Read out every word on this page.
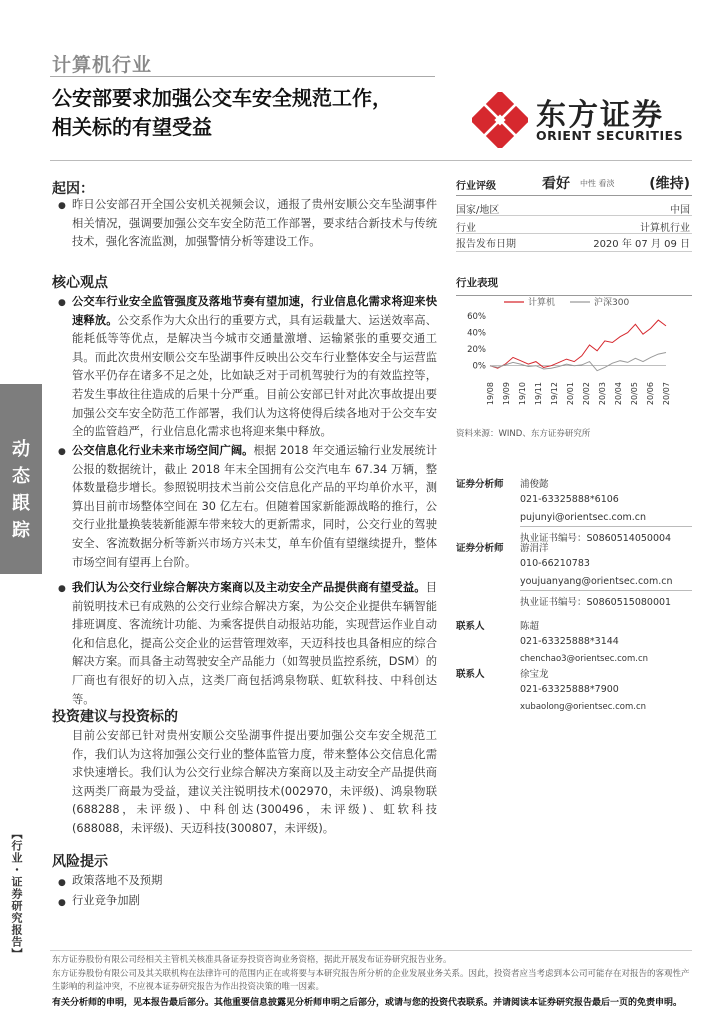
计算机行业
公安部要求加强公交车安全规范工作，
相关标的有望受益	东方证券
ORIENT SECURITIES
动态跟踪
【行业・证券研究报告】
起因：
● 昨日公安部召开全国公安机关视频会议，通报了贵州安顺公交车坠湖事件相关情况，强调要加强公交车安全防范工作部署，要求结合新技术与传统技术，强化客流监测，加强警情分析等建设工作。
核心观点
● 公交车行业安全监管强度及落地节奏有望加速，行业信息化需求将迎来快速释放。公交系作为大众出行的重要方式，具有运载量大、运送效率高、能耗低等等优点，是解决当今城市交通量激增、运输紧张的重要交通工具。而此次贵州安顺公交车坠湖事件反映出公交车行业整体安全与运营监管水平仍存在诸多不足之处，比如缺乏对于司机驾驶行为的有效监控等，若发生事故往往造成的后果十分严重。目前公安部已针对此次事故提出要加强公交车安全防范工作部署，我们认为这将使得后续各地对于公交车安全的监管趋严，行业信息化需求也将迎来集中释放。
● 公交信息化行业未来市场空间广阔。根据 2018 年交通运输行业发展统计公报的数据统计，截止 2018 年末全国拥有公交汽电车 67.34 万辆，整体数量稳步增长。参照锐明技术当前公交信息化产品的平均单价水平，测算出目前市场整体空间在 30 亿左右。但随着国家新能源战略的推行，公交行业批量换装装新能源车带来较大的更新需求，同时，公交行业的驾驶安全、客流数据分析等新兴市场方兴未艾，单车价值有望继续提升，整体市场空间有望再上台阶。
● 我们认为公交行业综合解决方案商以及主动安全产品提供商有望受益。目前锐明技术已有成熟的公交行业综合解决方案，为公交企业提供车辆智能排班调度、客流统计功能、为乘客提供自动报站功能，实现营运作业自动化和信息化，提高公交企业的运营管理效率，天迈科技也具备相应的综合解决方案。而具备主动驾驶安全产品能力（如驾驶员监控系统，DSM）的厂商也有很好的切入点，这类厂商包括鸿泉物联、虹软科技、中科创达等。
投资建议与投资标的
目前公安部已针对贵州安顺公交坠湖事件提出要加强公交车安全规范工作，我们认为这将加强公交行业的整体监管力度，带来整体公交信息化需求快速增长。我们认为公交行业综合解决方案商以及主动安全产品提供商这两类厂商最为受益，建议关注锐明技术(002970，未评级)、鸿泉物联(688288，未评级)、中科创达(300496，未评级)、虹软科技(688088，未评级)、天迈科技(300807，未评级)。
风险提示
● 政策落地不及预期
● 行业竞争加剧
行业评级	看好 中性 看淡 (维持)
国家/地区	中国
行业	计算机行业
报告发布日期	2020 年 07 月 09 日
行业表现
计算机	沪深300
60%
40%
20%
0%
19/08 19/09 19/10 19/11 19/12 20/01 20/02 20/03 20/04 20/05 20/06 20/07
资料来源：WIND、东方证券研究所
证券分析师 浦俊懿
021-63325888*6106
pujunyi@orientsec.com.cn
执业证书编号：S0860514050004
证券分析师 游涓洋
010-66210783
youjuanyang@orientsec.com.cn
执业证书编号：S0860515080001
联系人	陈超
021-63325888*3144
chenchao3@orientsec.com.cn
联系人	徐宝龙
021-63325888*7900
xubaolong@orientsec.com.cn
东方证券股份有限公司经相关主管机关核准具备证券投资咨询业务资格，据此开展发布证券研究报告业务。
东方证券股份有限公司及其关联机构在法律许可的范围内正在或将要与本研究报告所分析的企业发展业务关系。因此，投资者应当考虑到本公司可能存在对报告的客观性产生影响的利益冲突，不应视本证券研究报告为作出投资决策的唯一因素。
有关分析师的申明，见本报告最后部分。其他重要信息披露见分析师申明之后部分，或请与您的投资代表联系。并请阅读本证券研究报告最后一页的免责申明。
